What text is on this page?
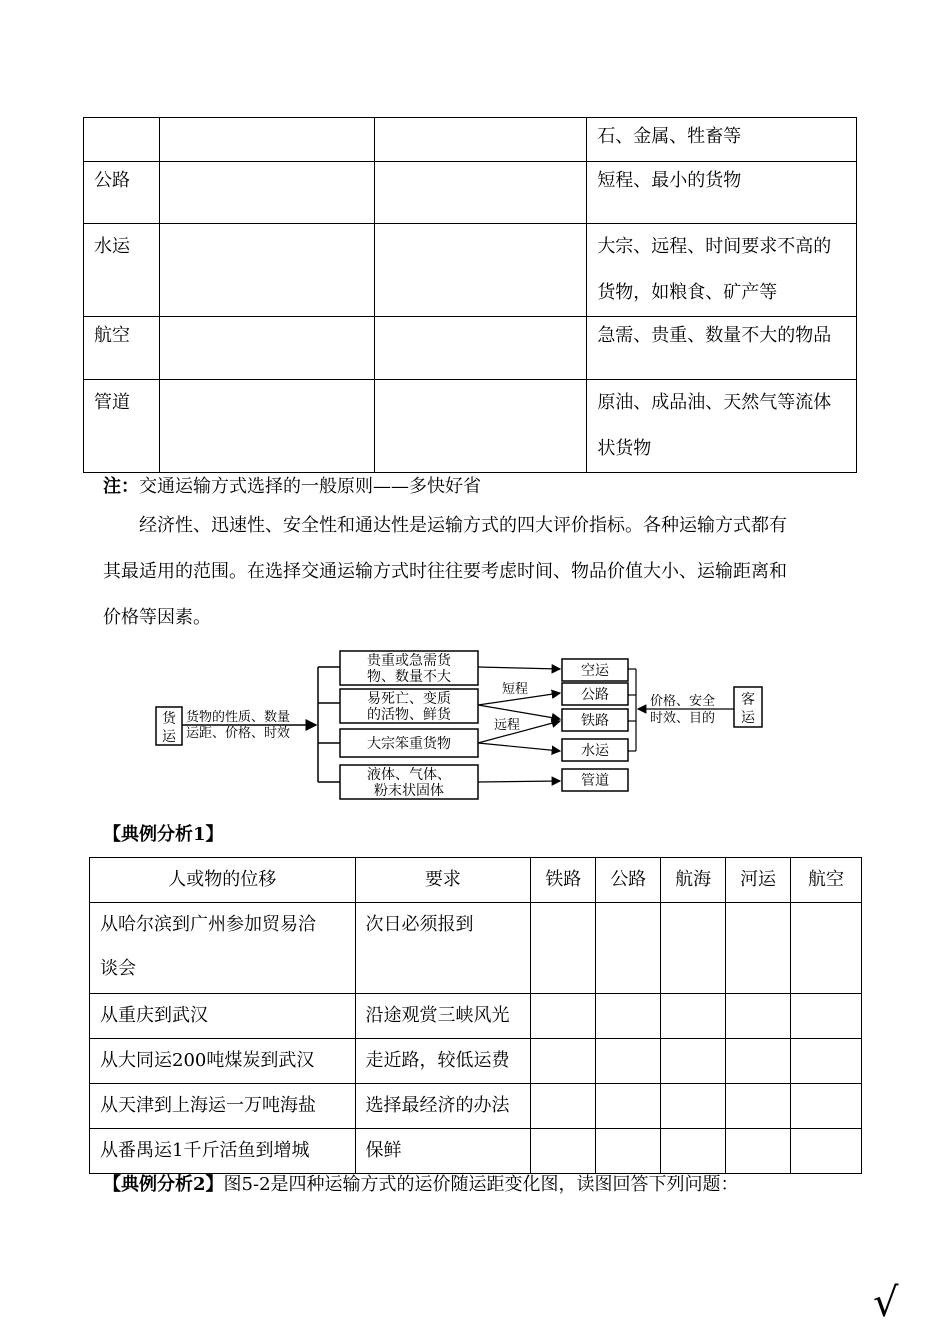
			石、金属、牲畜等
公路			短程、最小的货物
水运			大宗、远程、时间要求不高的
货物，如粮食、矿产等

航空			急需、贵重、数量不大的物品
管道			原油、成品油、天然气等流体
状货物
注：交通运输方式选择的一般原则——多快好省
经济性、迅速性、安全性和通达性是运输方式的四大评价指标。各种运输方式都有
其最适用的范围。在选择交通运输方式时往往要考虑时间、物品价值大小、运输距离和
价格等因素。
货
运
货物的性质、数量
运距、价格、时效
贵重或急需货
物、数量不大
易死亡、变质
的活物、鲜货
大宗笨重货物
液体、气体、
粉末状固体
短程
远程
空运
公路
铁路
水运
管道
价格、安全
时效、目的
客
运
【典例分析1】
人或物的位移	要求	铁路	公路	航海	河运	航空

从哈尔滨到广州参加贸易洽
谈会	次日必须报到					
从重庆到武汉	沿途观赏三峡风光					
从大同运200吨煤炭到武汉	走近路，较低运费					
从天津到上海运一万吨海盐	选择最经济的办法					
从番禺运1千斤活鱼到增城	保鲜					
【典例分析2】图5-2是四种运输方式的运价随运距变化图，读图回答下列问题：
√
